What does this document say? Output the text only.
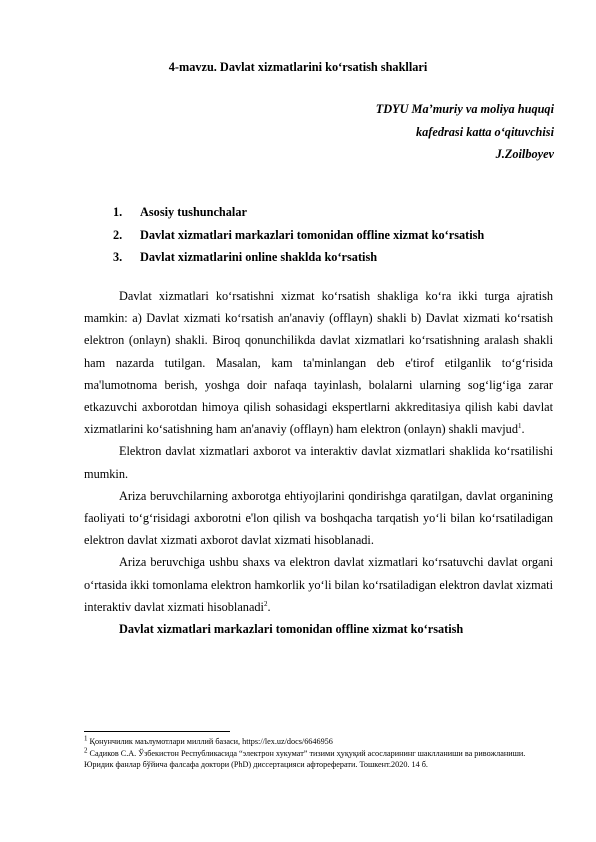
4-mavzu. Davlat xizmatlarini ko‘rsatish shakllari
TDYU Ma’muriy va moliya huquqi
kafedrasi katta o‘qituvchisi
J.Zoilboyev
1. Asosiy tushunchalar
2. Davlat xizmatlari markazlari tomonidan offline xizmat ko‘rsatish
3. Davlat xizmatlarini online shaklda ko‘rsatish

Davlat xizmatlari ko‘rsatishni xizmat ko‘rsatish shakliga ko‘ra ikki turga ajratish mamkin: a) Davlat xizmati ko‘rsatish an'anaviy (offlayn) shakli b) Davlat xizmati ko‘rsatish elektron (onlayn) shakli. Biroq qonunchilikda davlat xizmatlari ko‘rsatishning aralash shakli ham nazarda tutilgan. Masalan, kam ta'minlangan deb e'tirof etilganlik to‘g‘risida ma'lumotnoma berish, yoshga doir nafaqa tayinlash, bolalarni ularning sog‘lig‘iga zarar etkazuvchi axborotdan himoya qilish sohasidagi ekspertlarni akkreditasiya qilish kabi davlat xizmatlarini ko‘satishning ham an'anaviy (offlayn) ham elektron (onlayn) shakli mavjud$^1$.

Elektron davlat xizmatlari axborot va interaktiv davlat xizmatlari shaklida ko‘rsatilishi mumkin.

Ariza beruvchilarning axborotga ehtiyojlarini qondirishga qaratilgan, davlat organining faoliyati to‘g‘risidagi axborotni e'lon qilish va boshqacha tarqatish yo‘li bilan ko‘rsatiladigan elektron davlat xizmati axborot davlat xizmati hisoblanadi.

Ariza beruvchiga ushbu shaxs va elektron davlat xizmatlari ko‘rsatuvchi davlat organi o‘rtasida ikki tomonlama elektron hamkorlik yo‘li bilan ko‘rsatiladigan elektron davlat xizmati interaktiv davlat xizmati hisoblanadi$^2$.

Davlat xizmatlari markazlari tomonidan offline xizmat ko‘rsatish

$^1$ Қонунчилик маълумотлари миллий базаси, https://lex.uz/docs/6646956
$^2$ Садиков С.А. Ўзбекистон Республикасида “электрон хукумат” тизими ҳуқуқий асосларининг шаклланиши ва ривожланиши. Юридик фанлар бўйича фалсафа доктори (PhD) диссертацияси афтореферати. Тошкент.2020. 14 б.
